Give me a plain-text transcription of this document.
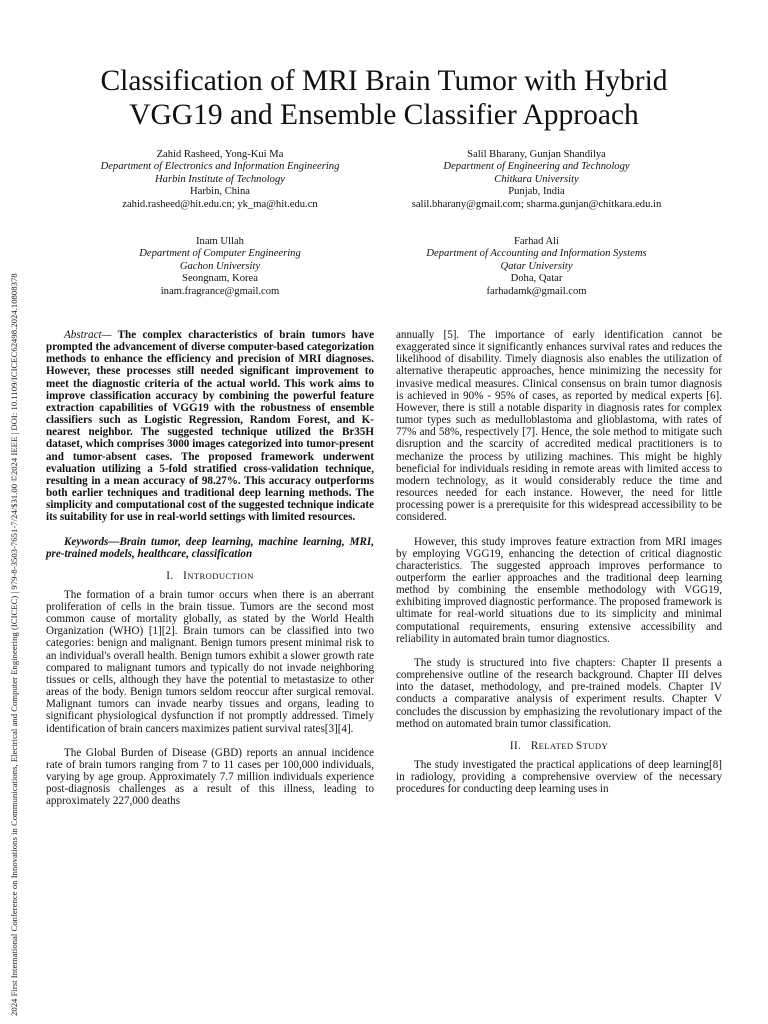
2024 First International Conference on Innovations in Communications, Electrical and Computer Engineering (ICICEC) | 979-8-3503-7651-7/24/$31.00 ©2024 IEEE | DOI: 10.1109/ICICEC62498.2024.10808378
Classification of MRI Brain Tumor with Hybrid
VGG19 and Ensemble Classifier Approach
Zahid Rasheed, Yong-Kui Ma
Department of Electronics and Information Engineering
Harbin Institute of Technology
Harbin, China
zahid.rasheed@hit.edu.cn; yk_ma@hit.edu.cn
Salil Bharany, Gunjan Shandilya
Department of Engineering and Technology
Chitkara University
Punjab, India
salil.bharany@gmail.com; sharma.gunjan@chitkara.edu.in
Inam Ullah
Department of Computer Engineering
Gachon University
Seongnam, Korea
inam.fragrance@gmail.com
Farhad Ali
Department of Accounting and Information Systems
Qatar University
Doha, Qatar
farhadamk@gmail.com

Abstract— The complex characteristics of brain tumors have prompted the advancement of diverse computer-based categorization methods to enhance the efficiency and precision of MRI diagnoses. However, these processes still needed significant improvement to meet the diagnostic criteria of the actual world. This work aims to improve classification accuracy by combining the powerful feature extraction capabilities of VGG19 with the robustness of ensemble classifiers such as Logistic Regression, Random Forest, and K-nearest neighbor. The suggested technique utilized the Br35H dataset, which comprises 3000 images categorized into tumor-present and tumor-absent cases. The proposed framework underwent evaluation utilizing a 5-fold stratified cross-validation technique, resulting in a mean accuracy of 98.27%. This accuracy outperforms both earlier techniques and traditional deep learning methods. The simplicity and computational cost of the suggested technique indicate its suitability for use in real-world settings with limited resources.

Keywords—Brain tumor, deep learning, machine learning, MRI, pre-trained models, healthcare, classification

I. INTRODUCTION

The formation of a brain tumor occurs when there is an aberrant proliferation of cells in the brain tissue. Tumors are the second most common cause of mortality globally, as stated by the World Health Organization (WHO) [1][2]. Brain tumors can be classified into two categories: benign and malignant. Benign tumors present minimal risk to an individual's overall health. Benign tumors exhibit a slower growth rate compared to malignant tumors and typically do not invade neighboring tissues or cells, although they have the potential to metastasize to other areas of the body. Benign tumors seldom reoccur after surgical removal. Malignant tumors can invade nearby tissues and organs, leading to significant physiological dysfunction if not promptly addressed. Timely identification of brain cancers maximizes patient survival rates[3][4].

The Global Burden of Disease (GBD) reports an annual incidence rate of brain tumors ranging from 7 to 11 cases per 100,000 individuals, varying by age group. Approximately 7.7 million individuals experience post-diagnosis challenges as a result of this illness, leading to approximately 227,000 deaths

annually [5]. The importance of early identification cannot be exaggerated since it significantly enhances survival rates and reduces the likelihood of disability. Timely diagnosis also enables the utilization of alternative therapeutic approaches, hence minimizing the necessity for invasive medical measures. Clinical consensus on brain tumor diagnosis is achieved in 90% - 95% of cases, as reported by medical experts [6]. However, there is still a notable disparity in diagnosis rates for complex tumor types such as medulloblastoma and glioblastoma, with rates of 77% and 58%, respectively [7]. Hence, the sole method to mitigate such disruption and the scarcity of accredited medical practitioners is to mechanize the process by utilizing machines. This might be highly beneficial for individuals residing in remote areas with limited access to modern technology, as it would considerably reduce the time and resources needed for each instance. However, the need for little processing power is a prerequisite for this widespread accessibility to be considered.

However, this study improves feature extraction from MRI images by employing VGG19, enhancing the detection of critical diagnostic characteristics. The suggested approach improves performance to outperform the earlier approaches and the traditional deep learning method by combining the ensemble methodology with VGG19, exhibiting improved diagnostic performance. The proposed framework is ultimate for real-world situations due to its simplicity and minimal computational requirements, ensuring extensive accessibility and reliability in automated brain tumor diagnostics.

The study is structured into five chapters: Chapter II presents a comprehensive outline of the research background. Chapter III delves into the dataset, methodology, and pre-trained models. Chapter IV conducts a comparative analysis of experiment results. Chapter V concludes the discussion by emphasizing the revolutionary impact of the method on automated brain tumor classification.

II. RELATED STUDY

The study investigated the practical applications of deep learning[8] in radiology, providing a comprehensive overview of the necessary procedures for conducting deep learning uses in
